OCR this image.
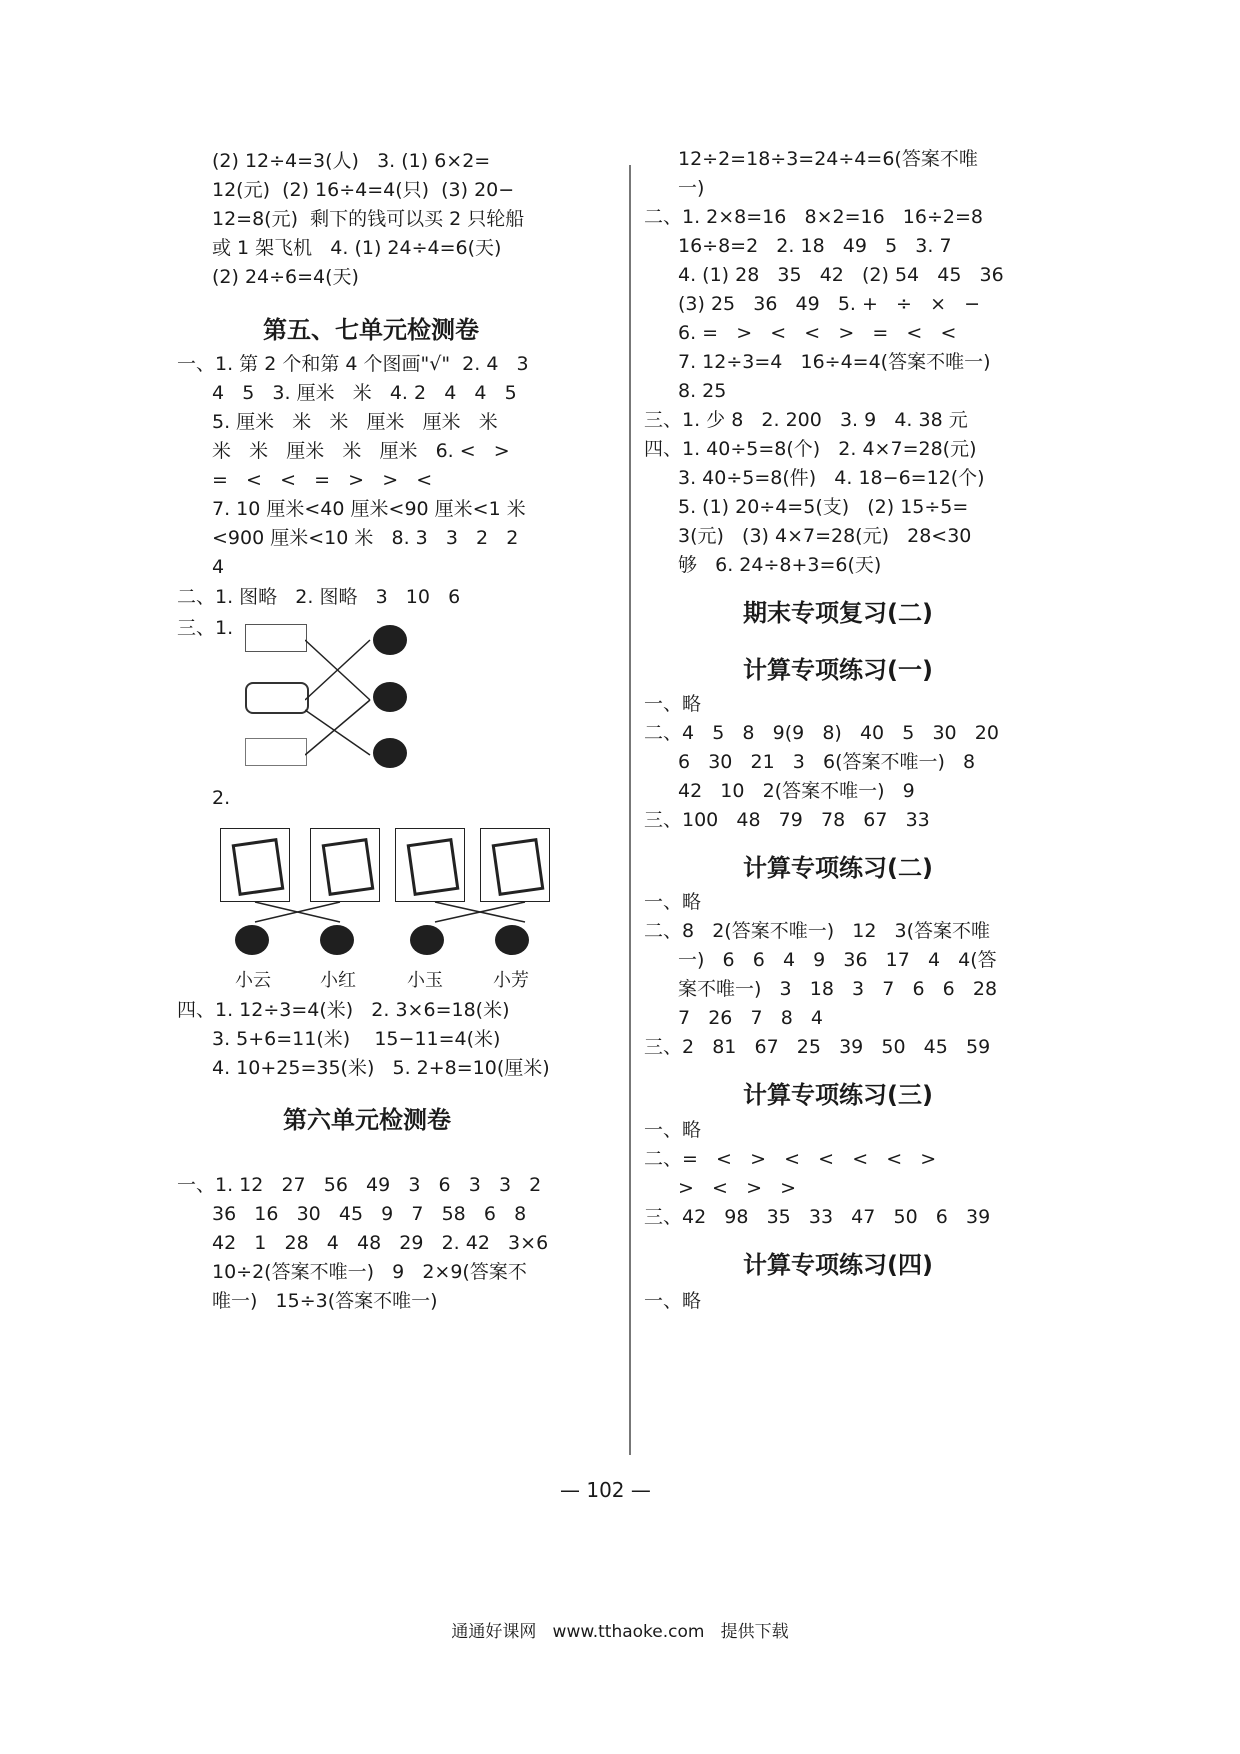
(2) 12÷4=3(人)   3. (1) 6×2=
12(元)  (2) 16÷4=4(只)  (3) 20−
12=8(元)  剩下的钱可以买 2 只轮船
或 1 架飞机   4. (1) 24÷4=6(天)
(2) 24÷6=4(天)
第五、七单元检测卷
一、1. 第 2 个和第 4 个图画"√"  2. 4   3
4   5   3. 厘米   米   4. 2   4   4   5
5. 厘米   米   米   厘米   厘米   米
米   米   厘米   米   厘米   6. <   >
=   <   <   =   >   >   <
7. 10 厘米<40 厘米<90 厘米<1 米
<900 厘米<10 米   8. 3   3   2   2
4
二、1. 图略   2. 图略   3   10   6
三、1.
2.
小云	小红	小玉	小芳
四、1. 12÷3=4(米)   2. 3×6=18(米)
3. 5+6=11(米)    15−11=4(米)
4. 10+25=35(米)   5. 2+8=10(厘米)
第六单元检测卷
一、1. 12   27   56   49   3   6   3   3   2
36   16   30   45   9   7   58   6   8
42   1   28   4   48   29   2. 42   3×6
10÷2(答案不唯一)   9   2×9(答案不
唯一)   15÷3(答案不唯一)
12÷2=18÷3=24÷4=6(答案不唯
一)
二、1. 2×8=16   8×2=16   16÷2=8
16÷8=2   2. 18   49   5   3. 7
4. (1) 28   35   42   (2) 54   45   36
(3) 25   36   49   5. +   ÷   ×   −
6. =   >   <   <   >   =   <   <
7. 12÷3=4   16÷4=4(答案不唯一)
8. 25
三、1. 少 8   2. 200   3. 9   4. 38 元
四、1. 40÷5=8(个)   2. 4×7=28(元)
3. 40÷5=8(件)   4. 18−6=12(个)
5. (1) 20÷4=5(支)   (2) 15÷5=
3(元)   (3) 4×7=28(元)   28<30
够   6. 24÷8+3=6(天)
期末专项复习(二)
计算专项练习(一)
一、略
二、4   5   8   9(9   8)   40   5   30   20
6   30   21   3   6(答案不唯一)   8
42   10   2(答案不唯一)   9
三、100   48   79   78   67   33
计算专项练习(二)
一、略
二、8   2(答案不唯一)   12   3(答案不唯
一)   6   6   4   9   36   17   4   4(答
案不唯一)   3   18   3   7   6   6   28
7   26   7   8   4
三、2   81   67   25   39   50   45   59
计算专项练习(三)
一、略
二、=   <   >   <   <   <   <   >
>   <   >   >
三、42   98   35   33   47   50   6   39
计算专项练习(四)
一、略
— 102 —
通通好课网   www.tthaoke.com   提供下载
